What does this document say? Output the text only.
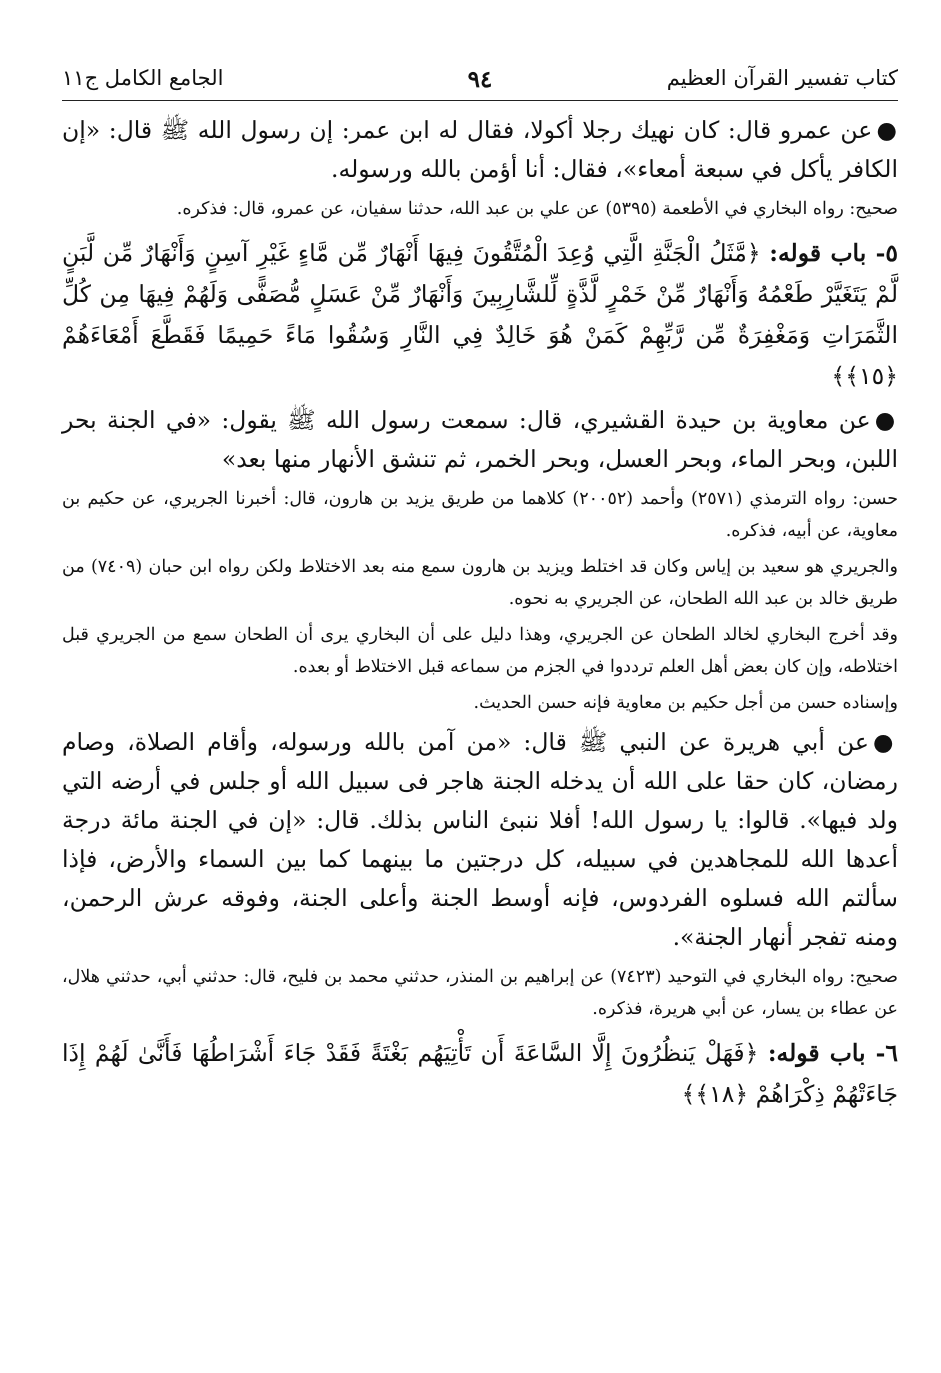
كتاب تفسير القرآن العظيم
٩٤
الجامع الكامل ج١١

●عن عمرو قال: كان نهيك رجلا أكولا، فقال له ابن عمر: إن رسول الله ﷺ قال: «إن الكافر يأكل في سبعة أمعاء»، فقال: أنا أؤمن بالله ورسوله.

صحيح: رواه البخاري في الأطعمة (٥٣٩٥) عن علي بن عبد الله، حدثنا سفيان، عن عمرو، قال: فذكره.

٥- باب قوله: ﴿مَّثَلُ الْجَنَّةِ الَّتِي وُعِدَ الْمُتَّقُونَ فِيهَا أَنْهَارٌ مِّن مَّاءٍ غَيْرِ آسِنٍ وَأَنْهَارٌ مِّن لَّبَنٍ لَّمْ يَتَغَيَّرْ طَعْمُهُ وَأَنْهَارٌ مِّنْ خَمْرٍ لَّذَّةٍ لِّلشَّارِبِينَ وَأَنْهَارٌ مِّنْ عَسَلٍ مُّصَفًّى وَلَهُمْ فِيهَا مِن كُلِّ الثَّمَرَاتِ وَمَغْفِرَةٌ مِّن رَّبِّهِمْ كَمَنْ هُوَ خَالِدٌ فِي النَّارِ وَسُقُوا مَاءً حَمِيمًا فَقَطَّعَ أَمْعَاءَهُمْ ﴿١٥﴾﴾

●عن معاوية بن حيدة القشيري، قال: سمعت رسول الله ﷺ يقول: «في الجنة بحر اللبن، وبحر الماء، وبحر العسل، وبحر الخمر، ثم تنشق الأنهار منها بعد»

حسن: رواه الترمذي (٢٥٧١) وأحمد (٢٠٠٥٢) كلاهما من طريق يزيد بن هارون، قال: أخبرنا الجريري، عن حكيم بن معاوية، عن أبيه، فذكره.

والجريري هو سعيد بن إياس وكان قد اختلط ويزيد بن هارون سمع منه بعد الاختلاط ولكن رواه ابن حبان (٧٤٠٩) من طريق خالد بن عبد الله الطحان، عن الجريري به نحوه.

وقد أخرج البخاري لخالد الطحان عن الجريري، وهذا دليل على أن البخاري يرى أن الطحان سمع من الجريري قبل اختلاطه، وإن كان بعض أهل العلم ترددوا في الجزم من سماعه قبل الاختلاط أو بعده.

وإسناده حسن من أجل حكيم بن معاوية فإنه حسن الحديث.

●عن أبي هريرة عن النبي ﷺ قال: «من آمن بالله ورسوله، وأقام الصلاة، وصام رمضان، كان حقا على الله أن يدخله الجنة هاجر فى سبيل الله أو جلس في أرضه التي ولد فيها». قالوا: يا رسول الله! أفلا ننبئ الناس بذلك. قال: «إن في الجنة مائة درجة أعدها الله للمجاهدين في سبيله، كل درجتين ما بينهما كما بين السماء والأرض، فإذا سألتم الله فسلوه الفردوس، فإنه أوسط الجنة وأعلى الجنة، وفوقه عرش الرحمن، ومنه تفجر أنهار الجنة».

صحيح: رواه البخاري في التوحيد (٧٤٢٣) عن إبراهيم بن المنذر، حدثني محمد بن فليح، قال: حدثني أبي، حدثني هلال، عن عطاء بن يسار، عن أبي هريرة، فذكره.

٦- باب قوله: ﴿فَهَلْ يَنظُرُونَ إِلَّا السَّاعَةَ أَن تَأْتِيَهُم بَغْتَةً فَقَدْ جَاءَ أَشْرَاطُهَا فَأَنَّىٰ لَهُمْ إِذَا جَاءَتْهُمْ ذِكْرَاهُمْ ﴿١٨﴾﴾
